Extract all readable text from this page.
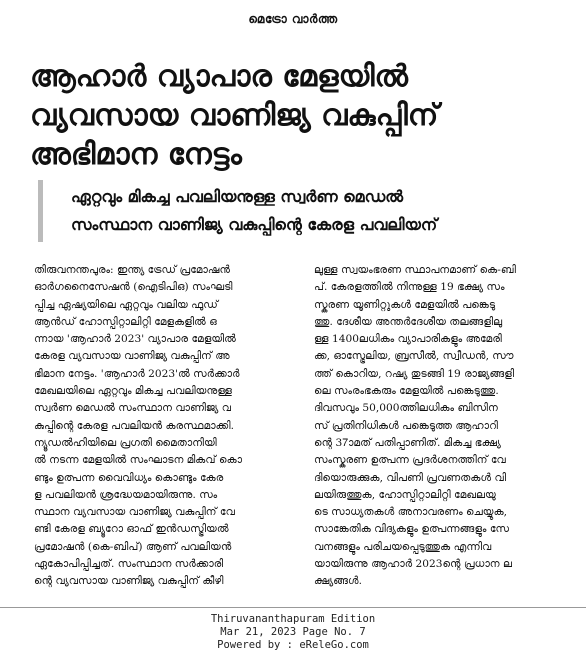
മെട്രോ വാർത്ത
ആഹാർ വ്യാപാര മേളയിൽ
വ്യവസായ വാണിജ്യ വകുപ്പിന്
അഭിമാന നേട്ടം
ഏറ്റവും മികച്ച പവലിയനുള്ള സ്വർണ മെഡൽ
സംസ്ഥാന വാണിജ്യ വകുപ്പിന്റെ കേരള പവലിയന്
തിരുവനന്തപുരം: ഇന്ത്യ ട്രേഡ് പ്രമോഷൻ
ഓർഗനൈസേഷൻ (ഐടിപിഒ) സംഘടി
പ്പിച്ച ഏഷ്യയിലെ ഏറ്റവും വലിയ ഫുഡ്
ആൻഡ് ഹോസ്പിറ്റാലിറ്റി മേളകളിൽ ഒ
ന്നായ 'ആഹാർ 2023' വ്യാപാര മേളയിൽ
കേരള വ്യവസായ വാണിജ്യ വകുപ്പിന് അ
ഭിമാന നേട്ടം. 'ആഹാർ 2023'ൽ സർക്കാർ
മേഖലയിലെ ഏറ്റവും മികച്ച പവലിയനുള്ള
സ്വർണ മെഡൽ സംസ്ഥാന വാണിജ്യ വ
കുപ്പിന്റെ കേരള പവലിയൻ കരസ്ഥമാക്കി.
ന്യൂഡൽഹിയിലെ പ്രഗതി മൈതാനിയി
ൽ നടന്ന മേളയിൽ സംഘാടന മികവ് കൊ
ണ്ടും ഉത്പന്ന വൈവിധ്യം കൊണ്ടും കേര
ള പവലിയൻ ശ്രദ്ധേയമായിരുന്നു. സം
സ്ഥാന വ്യവസായ വാണിജ്യ വകുപ്പിന് വേ
ണ്ടി കേരള ബ്യൂറോ ഓഫ് ഇൻഡസ്ട്രിയൽ
പ്രമോഷൻ (കെ-ബിപ്) ആണ് പവലിയൻ
ഏകോപിപ്പിച്ചത്. സംസ്ഥാന സർക്കാരി
ന്റെ വ്യവസായ വാണിജ്യ വകുപ്പിന് കീഴി
ലുള്ള സ്വയംഭരണ സ്ഥാപനമാണ് കെ-ബി
പ്. കേരളത്തിൽ നിന്നുള്ള 19 ഭക്ഷ്യ സം
സ്കരണ യൂണിറ്റുകൾ മേളയിൽ പങ്കെടു
ത്തു. ദേശീയ അന്തർദേശീയ തലങ്ങളിലു
ള്ള 1400ലധികം വ്യാപാരികളും അമേരി
ക്ക, ഓസ്ട്രേലിയ, ബ്രസീൽ, സ്വീഡൻ, സൗ
ത്ത് കൊറിയ, റഷ്യ തുടങ്ങി 19 രാജ്യങ്ങളി
ലെ സംരംഭകരും മേളയിൽ പങ്കെടുത്തു.
ദിവസവും 50,000ത്തിലധികം ബിസിന
സ് പ്രതിനിധികൾ പങ്കെടുത്ത ആഹാറി
ന്റെ 37ാമത് പതിപ്പാണിത്. മികച്ച ഭക്ഷ്യ
സംസ്കരണ ഉത്പന്ന പ്രദർശനത്തിന് വേ
ദിയൊരുക്കുക, വിപണി പ്രവണതകൾ വി
ലയിരുത്തുക, ഹോസ്പിറ്റാലിറ്റി മേഖലയു
ടെ സാധ്യതകൾ അനാവരണം ചെയ്യുക,
സാങ്കേതിക വിദ്യകളും ഉത്പന്നങ്ങളും സേ
വനങ്ങളും പരിചയപ്പെടുത്തുക എന്നിവ
യായിരുന്നു ആഹാർ 2023ന്റെ പ്രധാന ല
ക്ഷ്യങ്ങൾ.
Thiruvananthapuram Edition
Mar 21, 2023 Page No. 7
Powered by : eReleGo.com
